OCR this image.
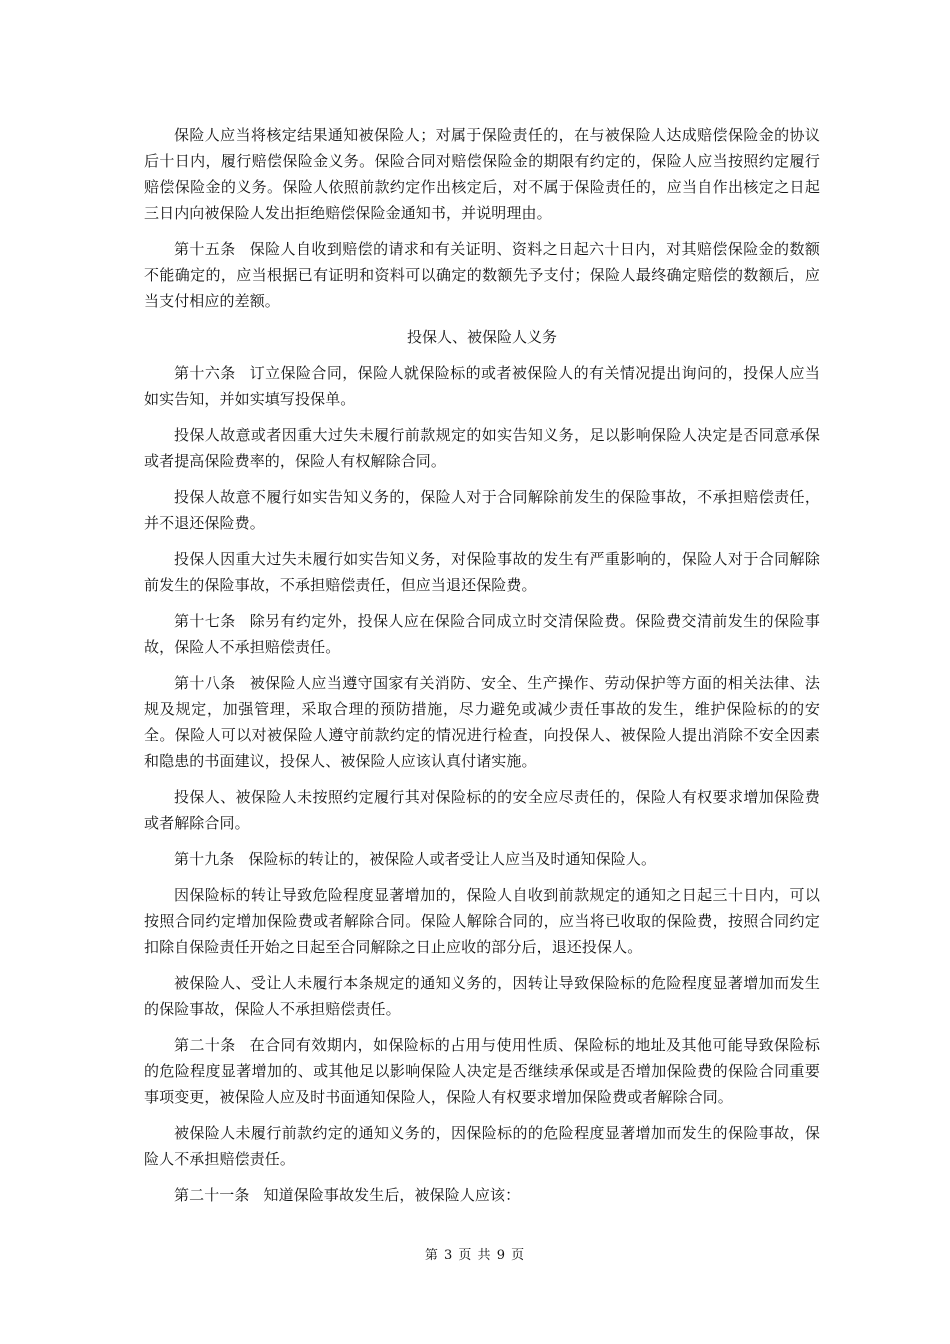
保险人应当将核定结果通知被保险人；对属于保险责任的，在与被保险人达成赔偿保险金的协议后十日内，履行赔偿保险金义务。保险合同对赔偿保险金的期限有约定的，保险人应当按照约定履行赔偿保险金的义务。保险人依照前款约定作出核定后，对不属于保险责任的，应当自作出核定之日起三日内向被保险人发出拒绝赔偿保险金通知书，并说明理由。

第十五条 保险人自收到赔偿的请求和有关证明、资料之日起六十日内，对其赔偿保险金的数额不能确定的，应当根据已有证明和资料可以确定的数额先予支付；保险人最终确定赔偿的数额后，应当支付相应的差额。

投保人、被保险人义务

第十六条 订立保险合同，保险人就保险标的或者被保险人的有关情况提出询问的，投保人应当如实告知，并如实填写投保单。

投保人故意或者因重大过失未履行前款规定的如实告知义务，足以影响保险人决定是否同意承保或者提高保险费率的，保险人有权解除合同。

投保人故意不履行如实告知义务的，保险人对于合同解除前发生的保险事故，不承担赔偿责任，并不退还保险费。

投保人因重大过失未履行如实告知义务，对保险事故的发生有严重影响的，保险人对于合同解除前发生的保险事故，不承担赔偿责任，但应当退还保险费。

第十七条 除另有约定外，投保人应在保险合同成立时交清保险费。保险费交清前发生的保险事故，保险人不承担赔偿责任。

第十八条 被保险人应当遵守国家有关消防、安全、生产操作、劳动保护等方面的相关法律、法规及规定，加强管理，采取合理的预防措施，尽力避免或减少责任事故的发生，维护保险标的的安全。保险人可以对被保险人遵守前款约定的情况进行检查，向投保人、被保险人提出消除不安全因素和隐患的书面建议，投保人、被保险人应该认真付诸实施。

投保人、被保险人未按照约定履行其对保险标的的安全应尽责任的，保险人有权要求增加保险费或者解除合同。

第十九条 保险标的转让的，被保险人或者受让人应当及时通知保险人。

因保险标的转让导致危险程度显著增加的，保险人自收到前款规定的通知之日起三十日内，可以按照合同约定增加保险费或者解除合同。保险人解除合同的，应当将已收取的保险费，按照合同约定扣除自保险责任开始之日起至合同解除之日止应收的部分后，退还投保人。

被保险人、受让人未履行本条规定的通知义务的，因转让导致保险标的危险程度显著增加而发生的保险事故，保险人不承担赔偿责任。

第二十条 在合同有效期内，如保险标的占用与使用性质、保险标的地址及其他可能导致保险标的危险程度显著增加的、或其他足以影响保险人决定是否继续承保或是否增加保险费的保险合同重要事项变更，被保险人应及时书面通知保险人，保险人有权要求增加保险费或者解除合同。

被保险人未履行前款约定的通知义务的，因保险标的的危险程度显著增加而发生的保险事故，保险人不承担赔偿责任。

第二十一条 知道保险事故发生后，被保险人应该：

第 3 页 共 9 页
